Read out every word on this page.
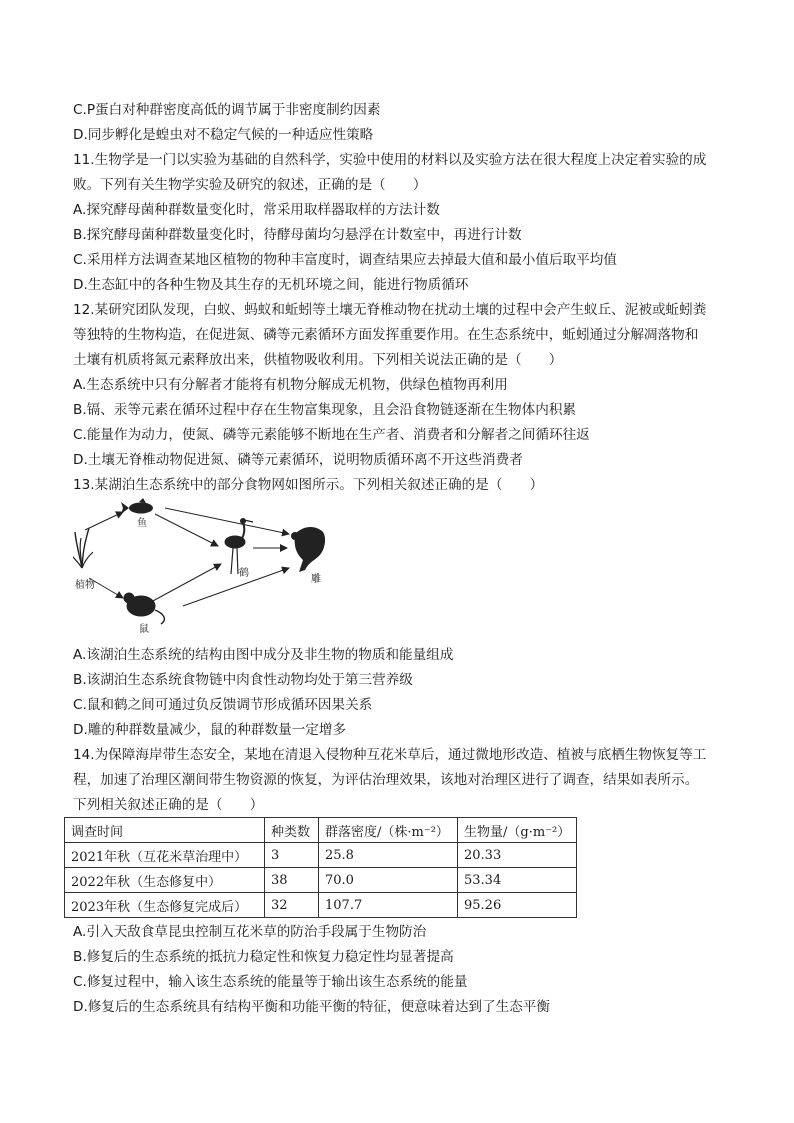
C.P蛋白对种群密度高低的调节属于非密度制约因素
D.同步孵化是蝗虫对不稳定气候的一种适应性策略
11.生物学是一门以实验为基础的自然科学，实验中使用的材料以及实验方法在很大程度上决定着实验的成
败。下列有关生物学实验及研究的叙述，正确的是（　　）
A.探究酵母菌种群数量变化时，常采用取样器取样的方法计数
B.探究酵母菌种群数量变化时，待酵母菌均匀悬浮在计数室中，再进行计数
C.采用样方法调查某地区植物的物种丰富度时，调查结果应去掉最大值和最小值后取平均值
D.生态缸中的各种生物及其生存的无机环境之间，能进行物质循环
12.某研究团队发现，白蚁、蚂蚁和蚯蚓等土壤无脊椎动物在扰动土壤的过程中会产生蚁丘、泥被或蚯蚓粪
等独特的生物构造，在促进氮、磷等元素循环方面发挥重要作用。在生态系统中，蚯蚓通过分解凋落物和
土壤有机质将氮元素释放出来，供植物吸收利用。下列相关说法正确的是（　　）
A.生态系统中只有分解者才能将有机物分解成无机物，供绿色植物再利用
B.镉、汞等元素在循环过程中存在生物富集现象，且会沿食物链逐渐在生物体内积累
C.能量作为动力，使氮、磷等元素能够不断地在生产者、消费者和分解者之间循环往返
D.土壤无脊椎动物促进氮、磷等元素循环，说明物质循环离不开这些消费者
13.某湖泊生态系统中的部分食物网如图所示。下列相关叙述正确的是（　　）
植物
鱼
鹤
雕
鼠
A.该湖泊生态系统的结构由图中成分及非生物的物质和能量组成
B.该湖泊生态系统食物链中肉食性动物均处于第三营养级
C.鼠和鹤之间可通过负反馈调节形成循环因果关系
D.雕的种群数量减少，鼠的种群数量一定增多
14.为保障海岸带生态安全，某地在清退入侵物种互花米草后，通过微地形改造、植被与底栖生物恢复等工
程，加速了治理区潮间带生物资源的恢复，为评估治理效果，该地对治理区进行了调查，结果如表所示。
下列相关叙述正确的是（　　）
调查时间	种类数	群落密度/（株·m⁻²）	生物量/（g·m⁻²）
2021年秋（互花米草治理中）	3	25.8	20.33
2022年秋（生态修复中）	38	70.0	53.34
2023年秋（生态修复完成后）	32	107.7	95.26
A.引入天敌食草昆虫控制互花米草的防治手段属于生物防治
B.修复后的生态系统的抵抗力稳定性和恢复力稳定性均显著提高
C.修复过程中，输入该生态系统的能量等于输出该生态系统的能量
D.修复后的生态系统具有结构平衡和功能平衡的特征，便意味着达到了生态平衡
